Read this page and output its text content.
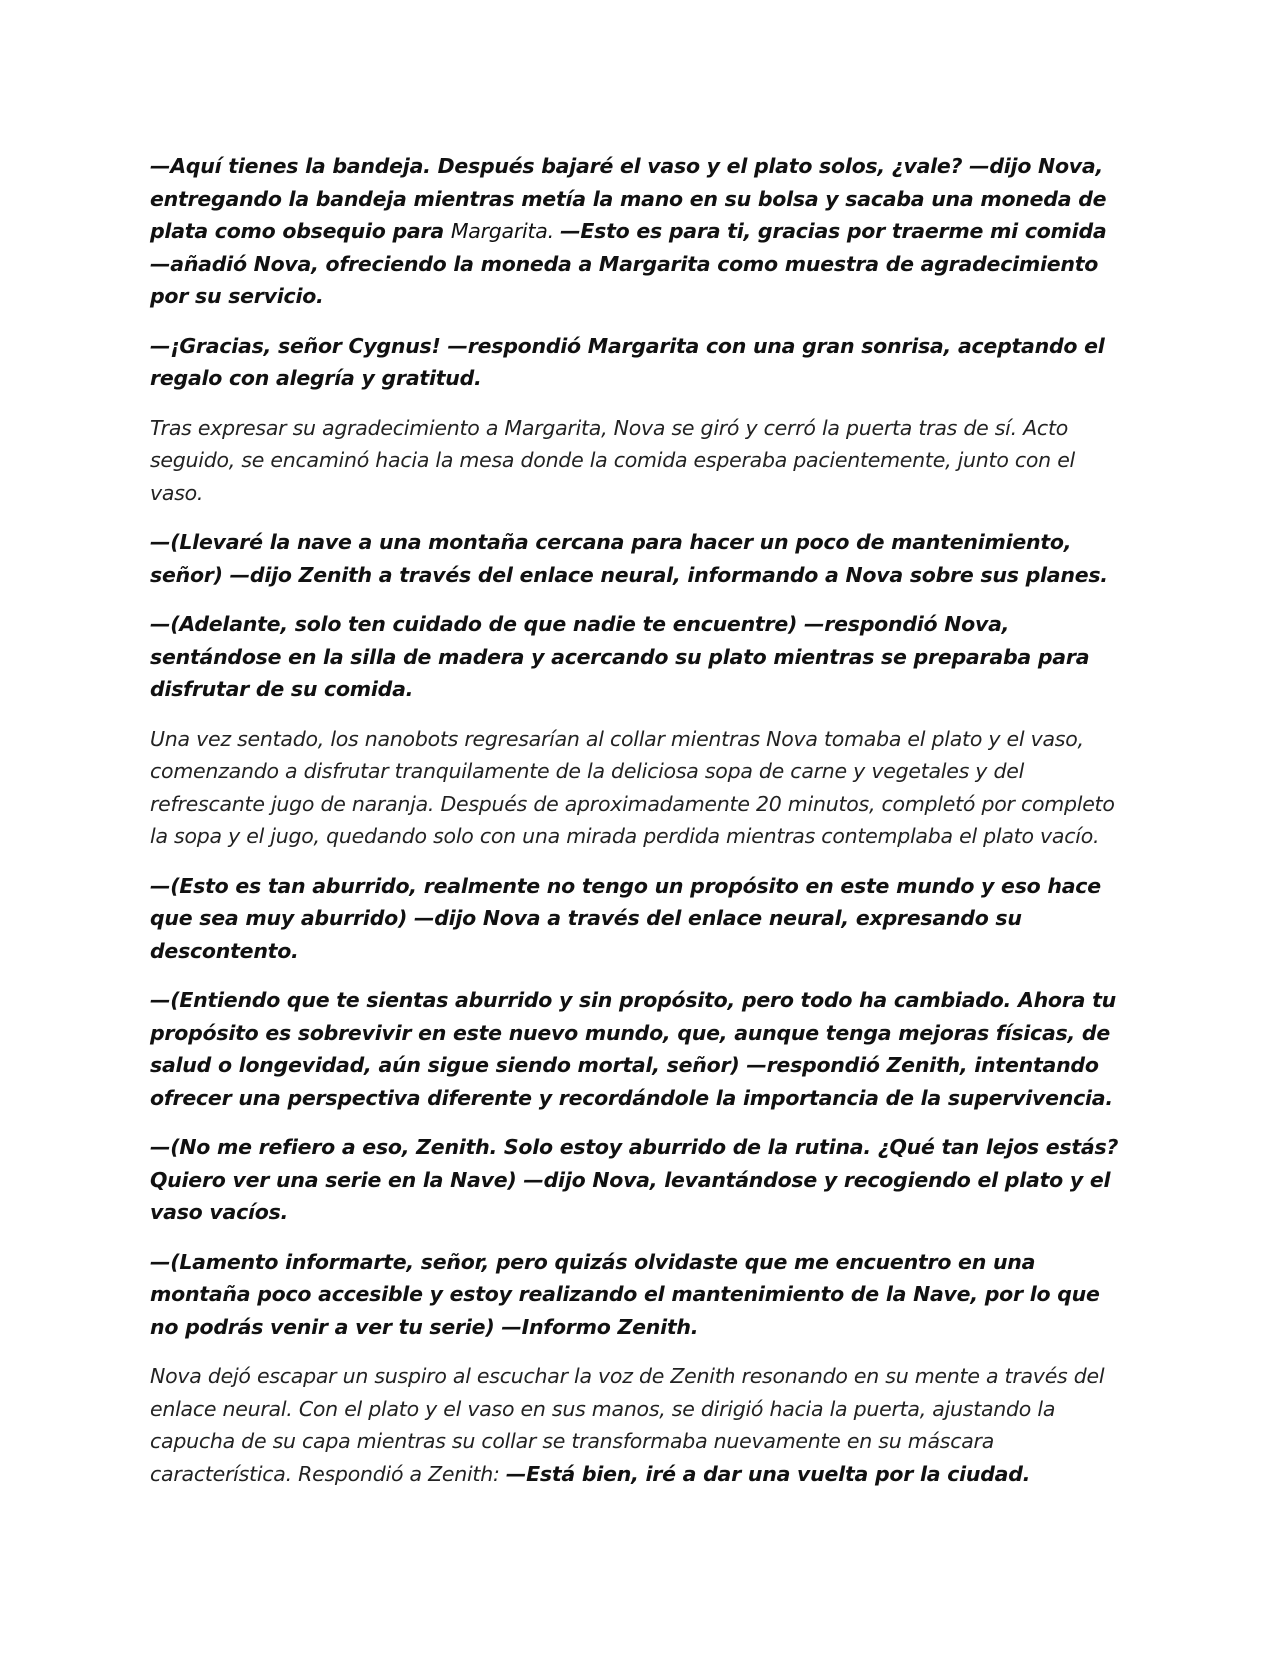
—Aquí tienes la bandeja. Después bajaré el vaso y el plato solos, ¿vale? —dijo Nova, entregando la bandeja mientras metía la mano en su bolsa y sacaba una moneda de plata como obsequio para Margarita. —Esto es para ti, gracias por traerme mi comida —añadió Nova, ofreciendo la moneda a Margarita como muestra de agradecimiento por su servicio.

—¡Gracias, señor Cygnus! —respondió Margarita con una gran sonrisa, aceptando el regalo con alegría y gratitud.

Tras expresar su agradecimiento a Margarita, Nova se giró y cerró la puerta tras de sí. Acto seguido, se encaminó hacia la mesa donde la comida esperaba pacientemente, junto con el vaso.

—(Llevaré la nave a una montaña cercana para hacer un poco de mantenimiento, señor) —dijo Zenith a través del enlace neural, informando a Nova sobre sus planes.

—(Adelante, solo ten cuidado de que nadie te encuentre) —respondió Nova, sentándose en la silla de madera y acercando su plato mientras se preparaba para disfrutar de su comida.

Una vez sentado, los nanobots regresarían al collar mientras Nova tomaba el plato y el vaso, comenzando a disfrutar tranquilamente de la deliciosa sopa de carne y vegetales y del refrescante jugo de naranja. Después de aproximadamente 20 minutos, completó por completo la sopa y el jugo, quedando solo con una mirada perdida mientras contemplaba el plato vacío.

—(Esto es tan aburrido, realmente no tengo un propósito en este mundo y eso hace que sea muy aburrido) —dijo Nova a través del enlace neural, expresando su descontento.

—(Entiendo que te sientas aburrido y sin propósito, pero todo ha cambiado. Ahora tu propósito es sobrevivir en este nuevo mundo, que, aunque tenga mejoras físicas, de salud o longevidad, aún sigue siendo mortal, señor) —respondió Zenith, intentando ofrecer una perspectiva diferente y recordándole la importancia de la supervivencia.

—(No me refiero a eso, Zenith. Solo estoy aburrido de la rutina. ¿Qué tan lejos estás? Quiero ver una serie en la Nave) —dijo Nova, levantándose y recogiendo el plato y el vaso vacíos.

—(Lamento informarte, señor, pero quizás olvidaste que me encuentro en una montaña poco accesible y estoy realizando el mantenimiento de la Nave, por lo que no podrás venir a ver tu serie) —Informo Zenith.

Nova dejó escapar un suspiro al escuchar la voz de Zenith resonando en su mente a través del enlace neural. Con el plato y el vaso en sus manos, se dirigió hacia la puerta, ajustando la capucha de su capa mientras su collar se transformaba nuevamente en su máscara característica. Respondió a Zenith: —Está bien, iré a dar una vuelta por la ciudad.
